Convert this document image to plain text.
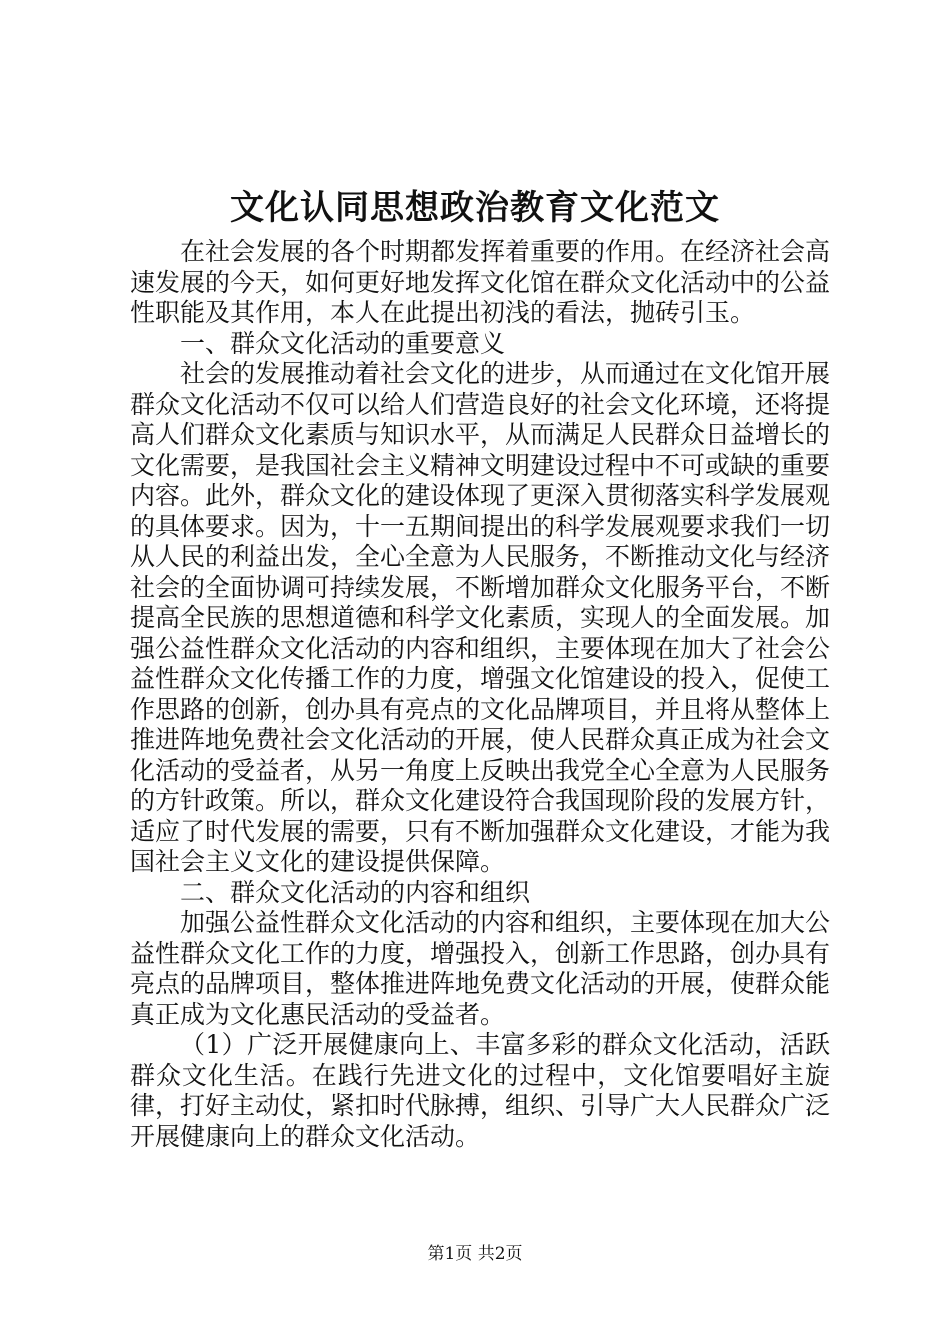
文化认同思想政治教育文化范文

在社会发展的各个时期都发挥着重要的作用。在经济社会高速发展的今天，如何更好地发挥文化馆在群众文化活动中的公益性职能及其作用，本人在此提出初浅的看法，抛砖引玉。

一、群众文化活动的重要意义

社会的发展推动着社会文化的进步，从而通过在文化馆开展群众文化活动不仅可以给人们营造良好的社会文化环境，还将提高人们群众文化素质与知识水平，从而满足人民群众日益增长的文化需要，是我国社会主义精神文明建设过程中不可或缺的重要内容。此外，群众文化的建设体现了更深入贯彻落实科学发展观的具体要求。因为，十一五期间提出的科学发展观要求我们一切从人民的利益出发，全心全意为人民服务，不断推动文化与经济社会的全面协调可持续发展，不断增加群众文化服务平台，不断提高全民族的思想道德和科学文化素质，实现人的全面发展。加强公益性群众文化活动的内容和组织，主要体现在加大了社会公益性群众文化传播工作的力度，增强文化馆建设的投入，促使工作思路的创新，创办具有亮点的文化品牌项目，并且将从整体上推进阵地免费社会文化活动的开展，使人民群众真正成为社会文化活动的受益者，从另一角度上反映出我党全心全意为人民服务的方针政策。所以，群众文化建设符合我国现阶段的发展方针，适应了时代发展的需要，只有不断加强群众文化建设，才能为我国社会主义文化的建设提供保障。

二、群众文化活动的内容和组织

加强公益性群众文化活动的内容和组织，主要体现在加大公益性群众文化工作的力度，增强投入，创新工作思路，创办具有亮点的品牌项目，整体推进阵地免费文化活动的开展，使群众能真正成为文化惠民活动的受益者。

（1）广泛开展健康向上、丰富多彩的群众文化活动，活跃群众文化生活。在践行先进文化的过程中，文化馆要唱好主旋律，打好主动仗，紧扣时代脉搏，组织、引导广大人民群众广泛开展健康向上的群众文化活动。

第1页 共2页
